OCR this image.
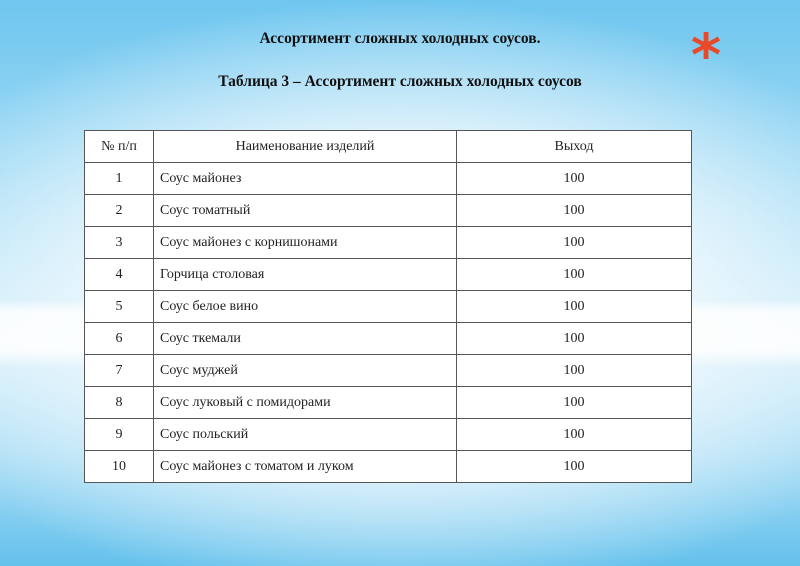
Ассортимент сложных холодных соусов.
Таблица 3 – Ассортимент сложных холодных соусов	*
№ п/п	Наименование изделий	Выход
1	Соус майонез	100
2	Соус томатный	100
3	Соус майонез с корнишонами	100
4	Горчица столовая	100
5	Соус белое вино	100
6	Соус ткемали	100
7	Соус муджей	100
8	Соус луковый с помидорами	100
9	Соус польский	100
10	Соус майонез с томатом и луком	100
